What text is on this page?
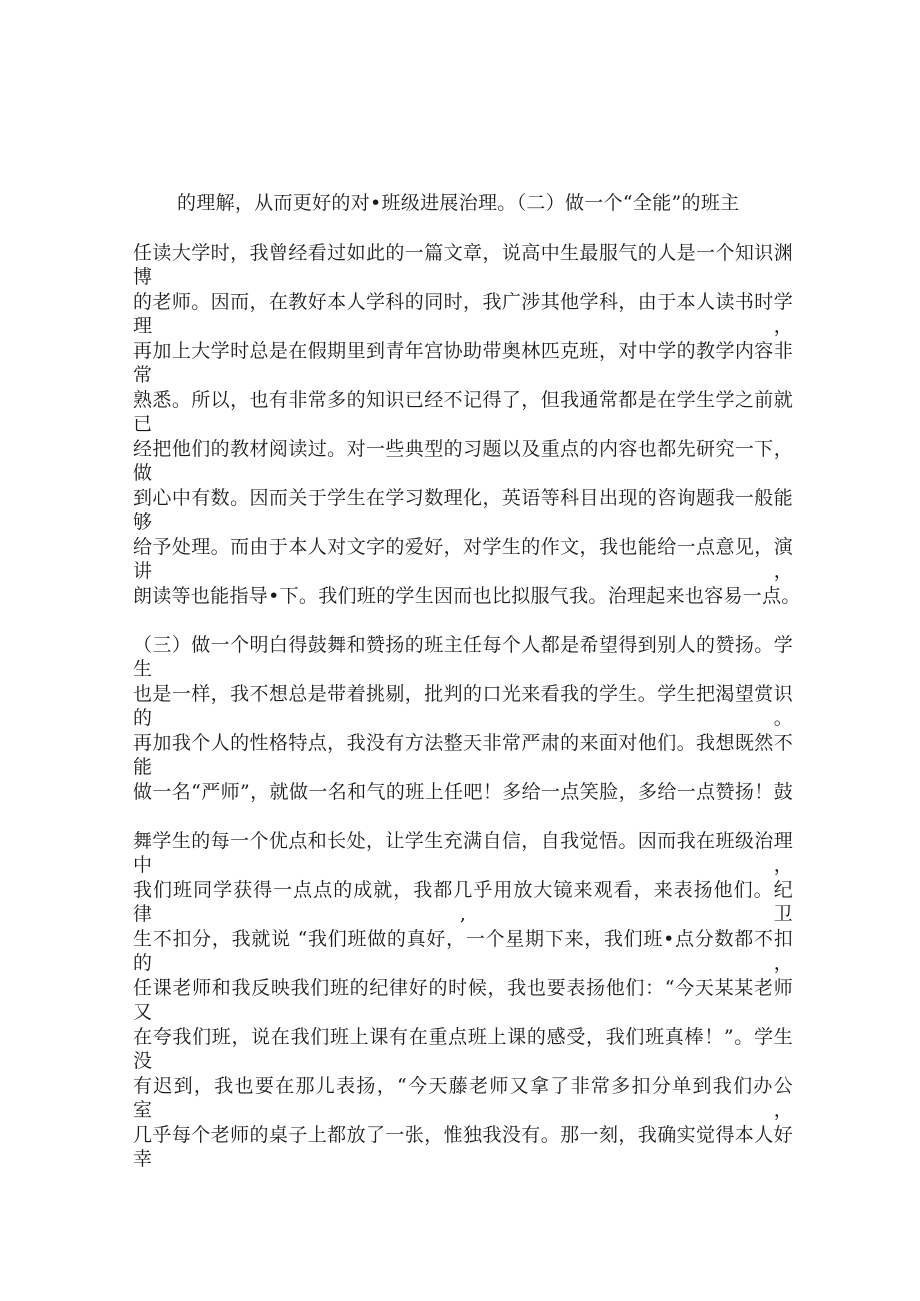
的理解，从而更好的对•班级进展治理。（二）做一个“全能”的班主
任读大学时，我曾经看过如此的一篇文章，说高中生最服气的人是一个知识渊博
的老师。因而，在教好本人学科的同时，我广涉其他学科，由于本人读书时学理，
再加上大学时总是在假期里到青年宫协助带奥林匹克班，对中学的教学内容非常
熟悉。所以，也有非常多的知识已经不记得了，但我通常都是在学生学之前就已
经把他们的教材阅读过。对一些典型的习题以及重点的内容也都先研究一下，做
到心中有数。因而关于学生在学习数理化，英语等科目出现的咨询题我一般能够
给予处理。而由于本人对文字的爱好，对学生的作文，我也能给一点意见，演讲，
朗读等也能指导•下。我们班的学生因而也比拟服气我。治理起来也容易一点。
（三）做一个明白得鼓舞和赞扬的班主任每个人都是希望得到别人的赞扬。学生
也是一样，我不想总是带着挑剔，批判的口光来看我的学生。学生把渴望赏识的。
再加我个人的性格特点，我没有方法整天非常严肃的来面对他们。我想既然不能
做一名“严师”，就做一名和气的班上任吧！多给一点笑脸，多给一点赞扬！鼓
舞学生的每一个优点和长处，让学生充满自信，自我觉悟。因而我在班级治理中，
我们班同学获得一点点的成就，我都几乎用放大镜来观看，来表扬他们。纪律,卫
生不扣分，我就说 “我们班做的真好，一个星期下来，我们班•点分数都不扣的，
任课老师和我反映我们班的纪律好的时候，我也要表扬他们：“今天某某老师又
在夸我们班，说在我们班上课有在重点班上课的感受，我们班真棒！”。学生没
有迟到，我也要在那儿表扬，“今天藤老师又拿了非常多扣分单到我们办公室，
几乎每个老师的桌子上都放了一张，惟独我没有。那一刻，我确实觉得本人好幸
